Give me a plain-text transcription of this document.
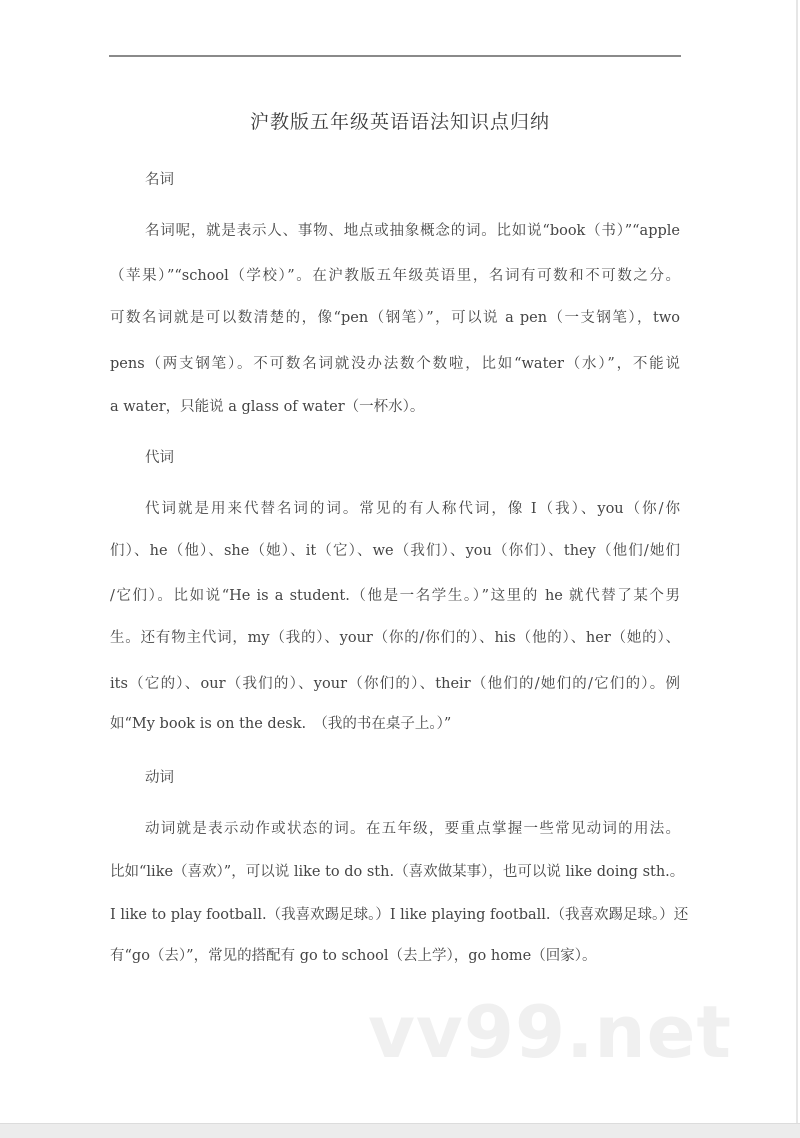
沪教版五年级英语语法知识点归纳
名词
名词呢，就是表示人、事物、地点或抽象概念的词。比如说“book（书）”“apple
（苹果）”“school（学校）”。在沪教版五年级英语里，名词有可数和不可数之分。
可数名词就是可以数清楚的，像“pen（钢笔）”，可以说 a pen（一支钢笔），two
pens（两支钢笔）。不可数名词就没办法数个数啦，比如“water（水）”，不能说
a water，只能说 a glass of water（一杯水）。
代词
代词就是用来代替名词的词。常见的有人称代词，像 I（我）、you（你/你
们）、he（他）、she（她）、it（它）、we（我们）、you（你们）、they（他们/她们
/它们）。比如说“He is a student.（他是一名学生。）”这里的 he 就代替了某个男
生。还有物主代词，my（我的）、your（你的/你们的）、his（他的）、her（她的）、
its（它的）、our（我们的）、your（你们的）、their（他们的/她们的/它们的）。例
如“My book is on the desk.　（我的书在桌子上。）”
动词
动词就是表示动作或状态的词。在五年级，要重点掌握一些常见动词的用法。
比如“like（喜欢）”，可以说 like to do sth.（喜欢做某事），也可以说 like doing sth.。
I like to play football.（我喜欢踢足球。）I like playing football.（我喜欢踢足球。）还
有“go（去）”，常见的搭配有 go to school（去上学），go home（回家）。
vv99.net
